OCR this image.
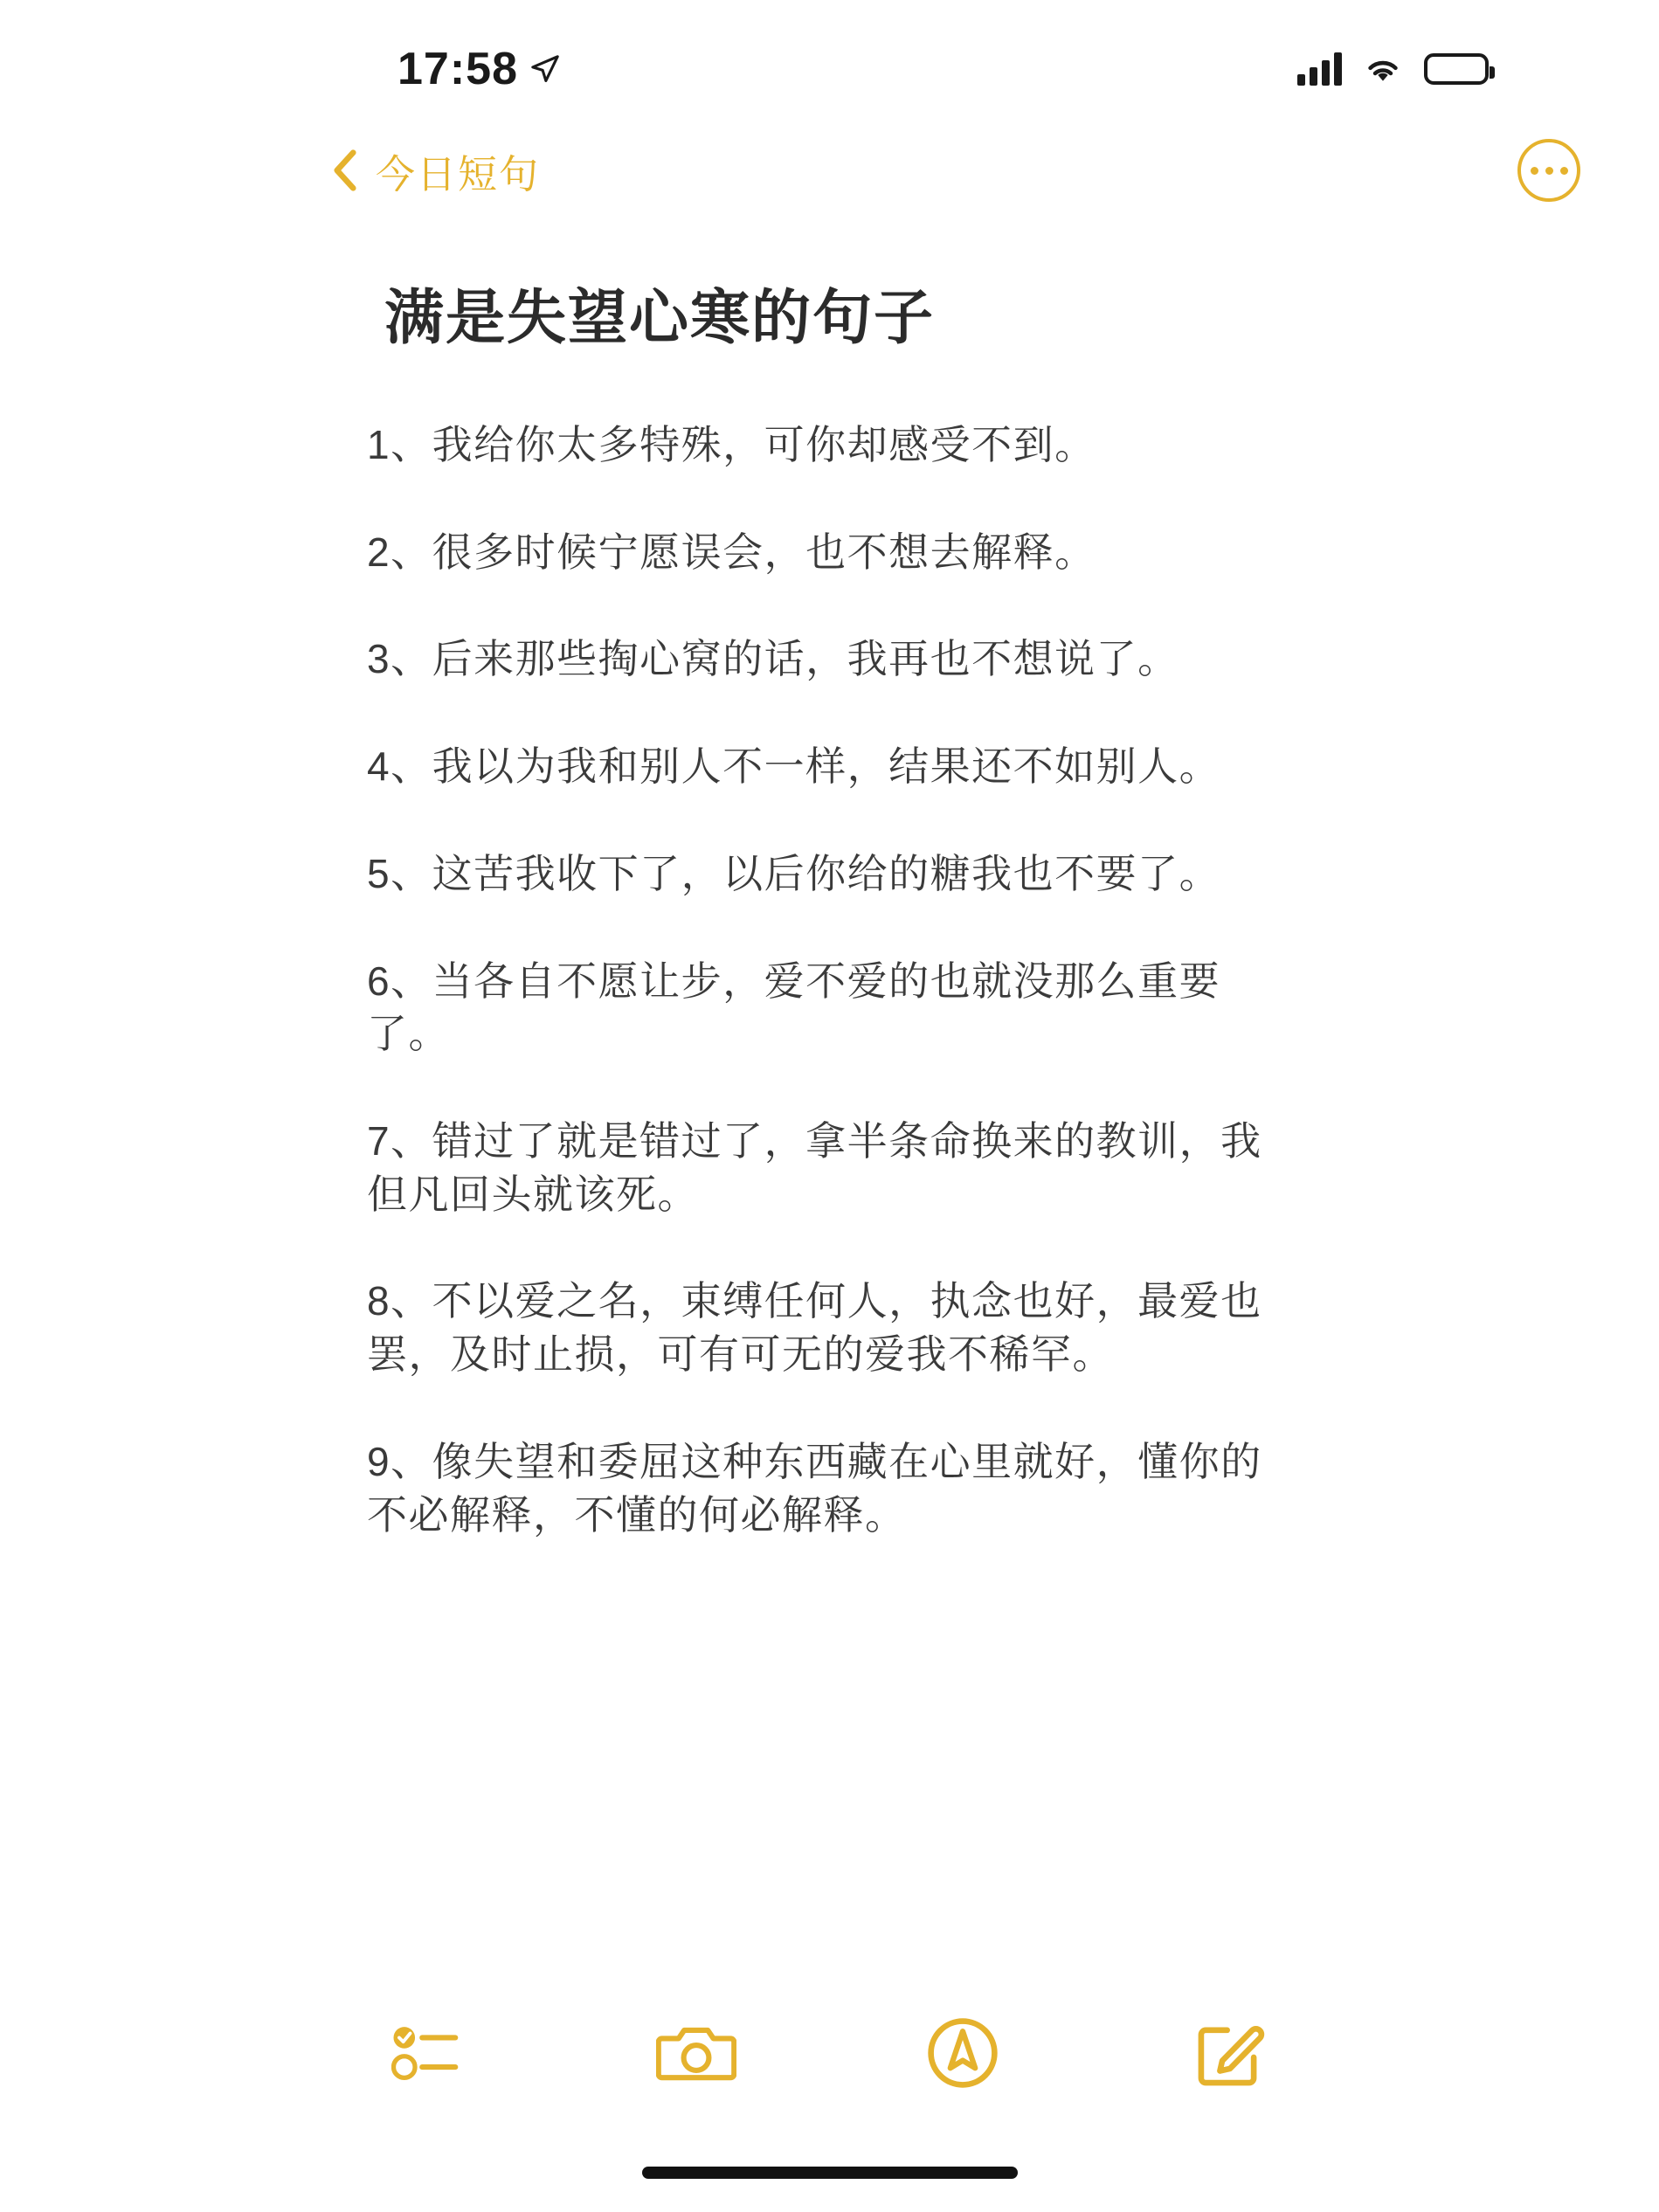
17:58
今日短句
满是失望心寒的句子
1、我给你太多特殊，可你却感受不到。
2、很多时候宁愿误会，也不想去解释。
3、后来那些掏心窝的话，我再也不想说了。
4、我以为我和别人不一样，结果还不如别人。
5、这苦我收下了，以后你给的糖我也不要了。
6、当各自不愿让步，爱不爱的也就没那么重要了。
7、错过了就是错过了，拿半条命换来的教训，我但凡回头就该死。
8、不以爱之名，束缚任何人，执念也好，最爱也罢，及时止损，可有可无的爱我不稀罕。
9、像失望和委屈这种东西藏在心里就好，懂你的不必解释，不懂的何必解释。
